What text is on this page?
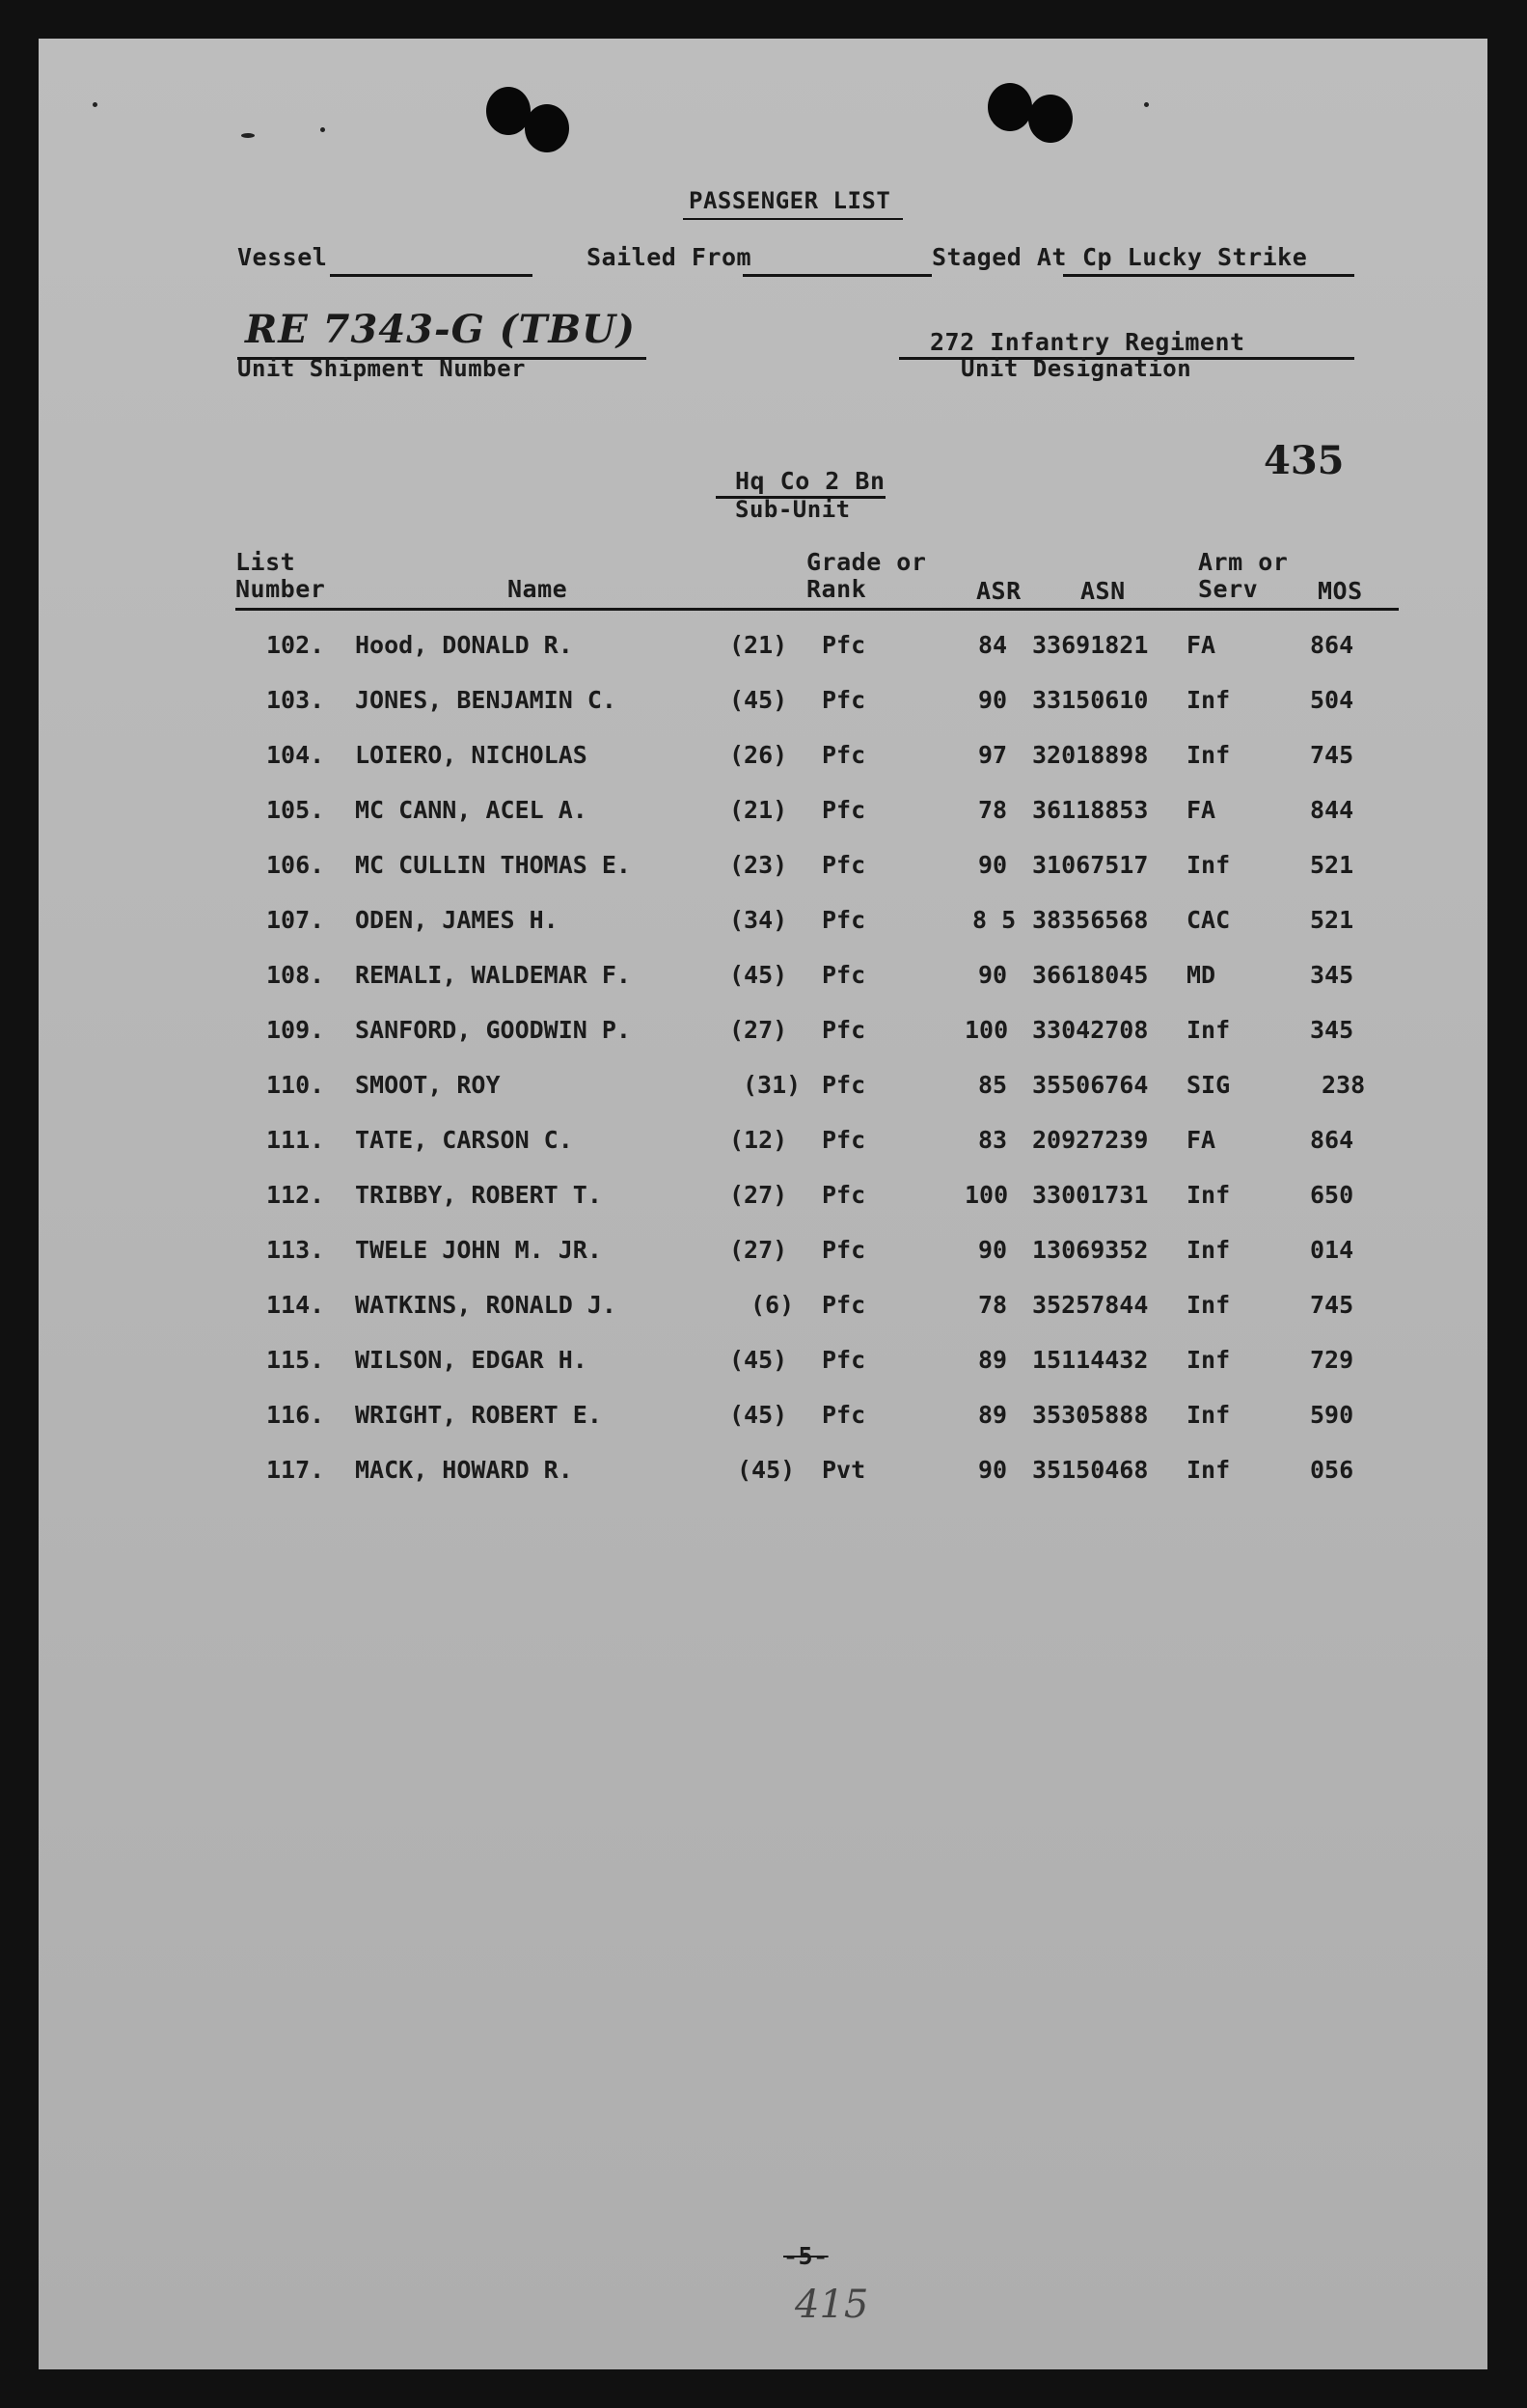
PASSENGER LIST
Vessel	Sailed From	Staged At Cp Lucky Strike
RE 7343-G (TBU)
Unit Shipment Number
272 Infantry Regiment
Unit Designation
435
Hq Co 2 Bn
Sub-Unit
List
Number	Name
Grade or
Rank	ASR ASN
Arm or
Serv MOS
102. Hood, DONALD R.	(21) Pfc	84 33691821 FA	864
103. JONES, BENJAMIN C.	(45) Pfc	90 33150610 Inf	504
104. LOIERO, NICHOLAS	(26) Pfc	97 32018898 Inf	745
105. MC CANN, ACEL A.	(21) Pfc	78 36118853 FA	844
106. MC CULLIN THOMAS E.	(23) Pfc	90 31067517 Inf	521
107. ODEN, JAMES H.	(34) Pfc	8 5 38356568 CAC	521
108. REMALI, WALDEMAR F.	(45) Pfc	90 36618045 MD	345
109. SANFORD, GOODWIN P.	(27) Pfc	100 33042708 Inf	345
110. SMOOT, ROY	(31) Pfc	85 35506764 SIG	238
111. TATE, CARSON C.	(12) Pfc	83 20927239 FA	864
112. TRIBBY, ROBERT T.	(27) Pfc	100 33001731 Inf	650
113. TWELE JOHN M. JR.	(27) Pfc	90 13069352 Inf	014
114. WATKINS, RONALD J.	(6) Pfc	78 35257844 Inf	745
115. WILSON, EDGAR H.	(45) Pfc	89 15114432 Inf	729
116. WRIGHT, ROBERT E.	(45) Pfc	89 35305888 Inf	590
117. MACK, HOWARD R.	(45) Pvt	90 35150468 Inf	056
-5-
415
